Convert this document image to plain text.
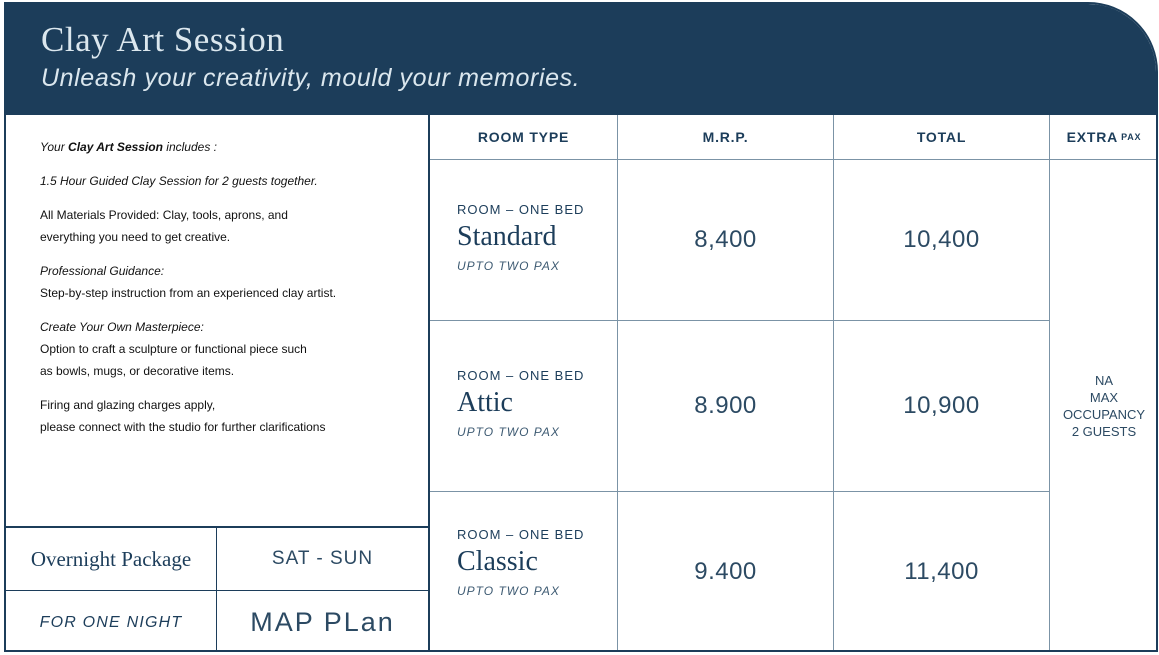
Clay Art Session
Unleash your creativity, mould your memories.
Your Clay Art Session includes :
1.5 Hour Guided Clay Session for 2 guests together.
All Materials Provided: Clay, tools, aprons, and
everything you need to get creative.
Professional Guidance:
Step-by-step instruction from an experienced clay artist.
Create Your Own Masterpiece:
Option to craft a sculpture or functional piece such
as bowls, mugs, or decorative items.
Firing and glazing charges apply,
please connect with the studio for further clarifications
Overnight Package	SAT - SUN
FOR ONE NIGHT	MAP PLan
ROOM TYPE	M.R.P.	TOTAL	EXTRA PAX
ROOM – ONE BED
Standard
UPTO TWO PAX
8,400	10,400
ROOM – ONE BED
Attic
UPTO TWO PAX
8.900	10,900
ROOM – ONE BED
Classic
UPTO TWO PAX
9.400	11,400
NA
MAX
OCCUPANCY
2 GUESTS
